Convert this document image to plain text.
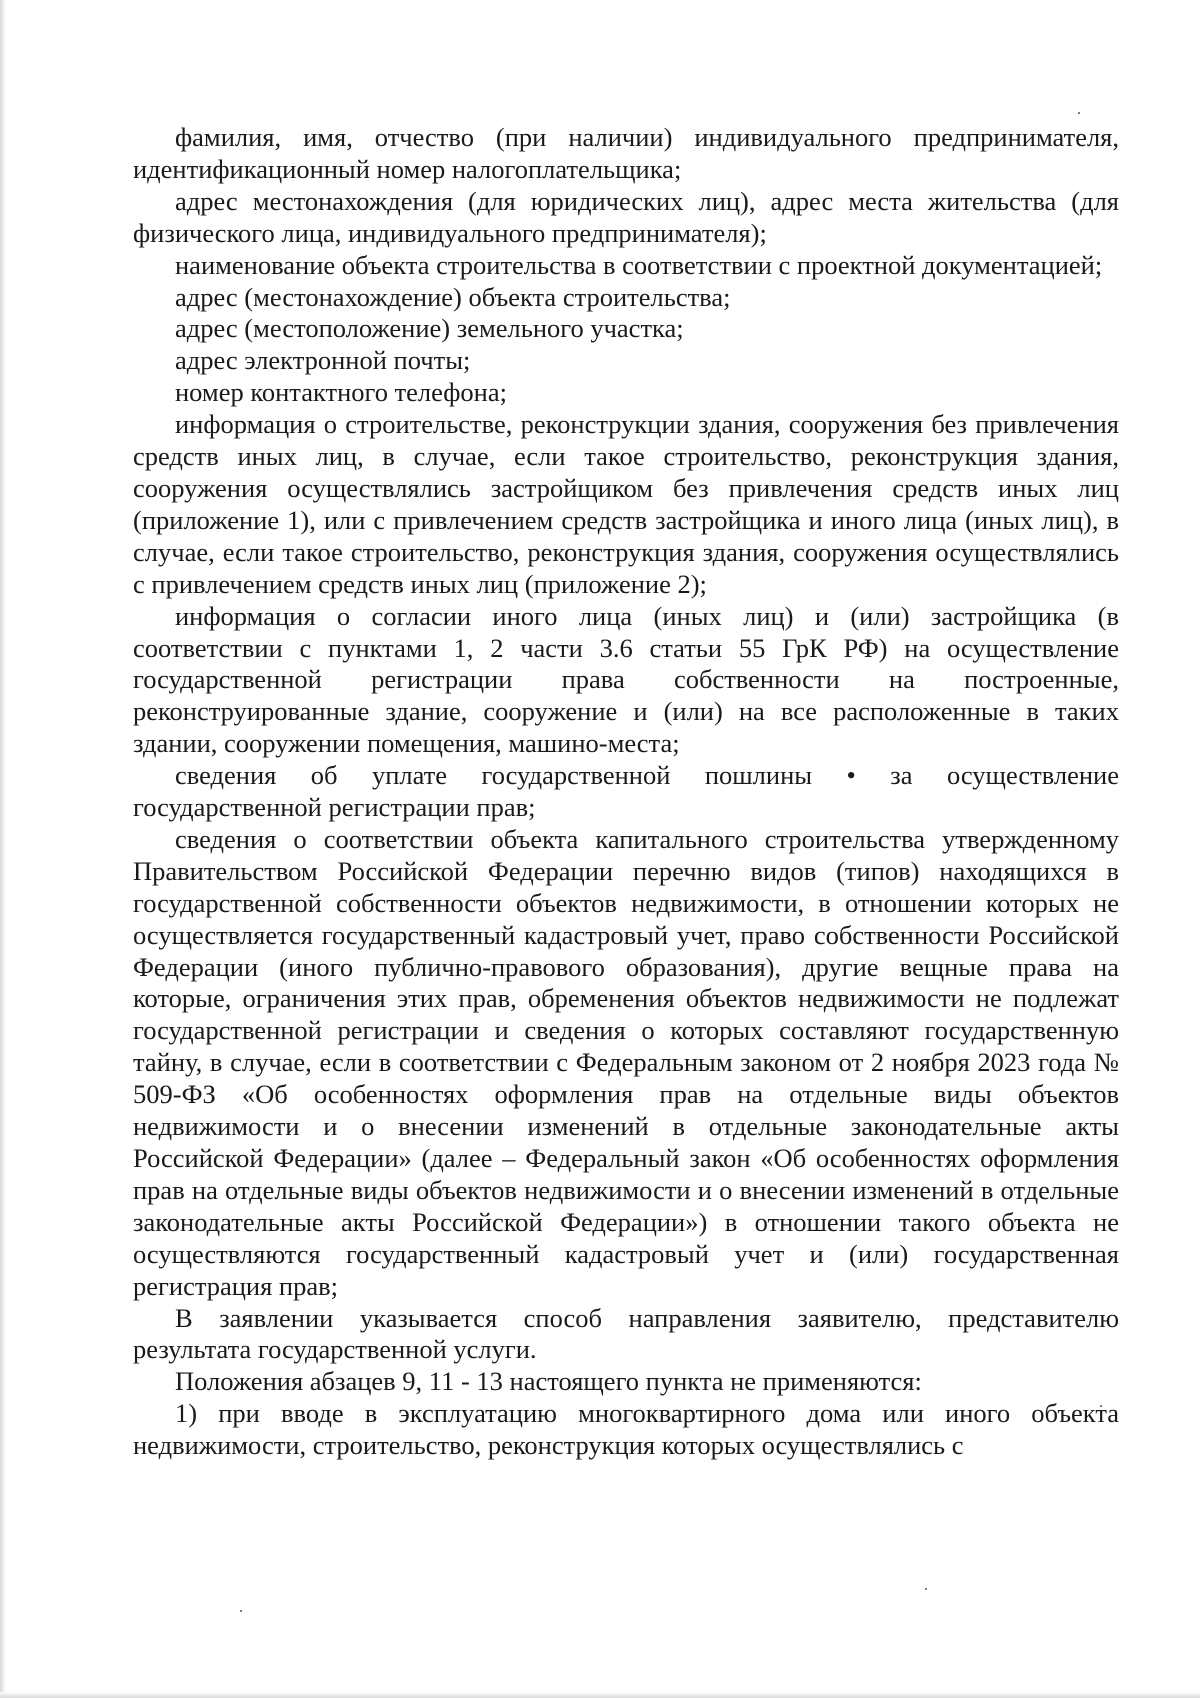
фамилия, имя, отчество (при наличии) индивидуального предпринимателя, идентификационный номер налогоплательщика;

адрес местонахождения (для юридических лиц), адрес места жительства (для физического лица, индивидуального предпринимателя);

наименование объекта строительства в соответствии с проектной документацией;

адрес (местонахождение) объекта строительства;

адрес (местоположение) земельного участка;

адрес электронной почты;

номер контактного телефона;

информация о строительстве, реконструкции здания, сооружения без привлечения средств иных лиц, в случае, если такое строительство, реконструкция здания, сооружения осуществлялись застройщиком без привлечения средств иных лиц (приложение 1), или с привлечением средств застройщика и иного лица (иных лиц), в случае, если такое строительство, реконструкция здания, сооружения осуществлялись с привлечением средств иных лиц (приложение 2);

информация о согласии иного лица (иных лиц) и (или) застройщика (в соответствии с пунктами 1, 2 части 3.6 статьи 55 ГрК РФ) на осуществление государственной регистрации права собственности на построенные, реконструированные здание, сооружение и (или) на все расположенные в таких здании, сооружении помещения, машино-места;

сведения об уплате государственной пошлины • за осуществление государственной регистрации прав;

сведения о соответствии объекта капитального строительства утвержденному Правительством Российской Федерации перечню видов (типов) находящихся в государственной собственности объектов недвижимости, в отношении которых не осуществляется государственный кадастровый учет, право собственности Российской Федерации (иного публично-правового образования), другие вещные права на которые, ограничения этих прав, обременения объектов недвижимости не подлежат государственной регистрации и сведения о которых составляют государственную тайну, в случае, если в соответствии с Федеральным законом от 2 ноября 2023 года № 509-ФЗ «Об особенностях оформления прав на отдельные виды объектов недвижимости и о внесении изменений в отдельные законодательные акты Российской Федерации» (далее – Федеральный закон «Об особенностях оформления прав на отдельные виды объектов недвижимости и о внесении изменений в отдельные законодательные акты Российской Федерации») в отношении такого объекта не осуществляются государственный кадастровый учет и (или) государственная регистрация прав;

В заявлении указывается способ направления заявителю, представителю результата государственной услуги.

Положения абзацев 9, 11 - 13 настоящего пункта не применяются:

1) при вводе в эксплуатацию многоквартирного дома или иного объекта недвижимости, строительство, реконструкция которых осуществлялись с
